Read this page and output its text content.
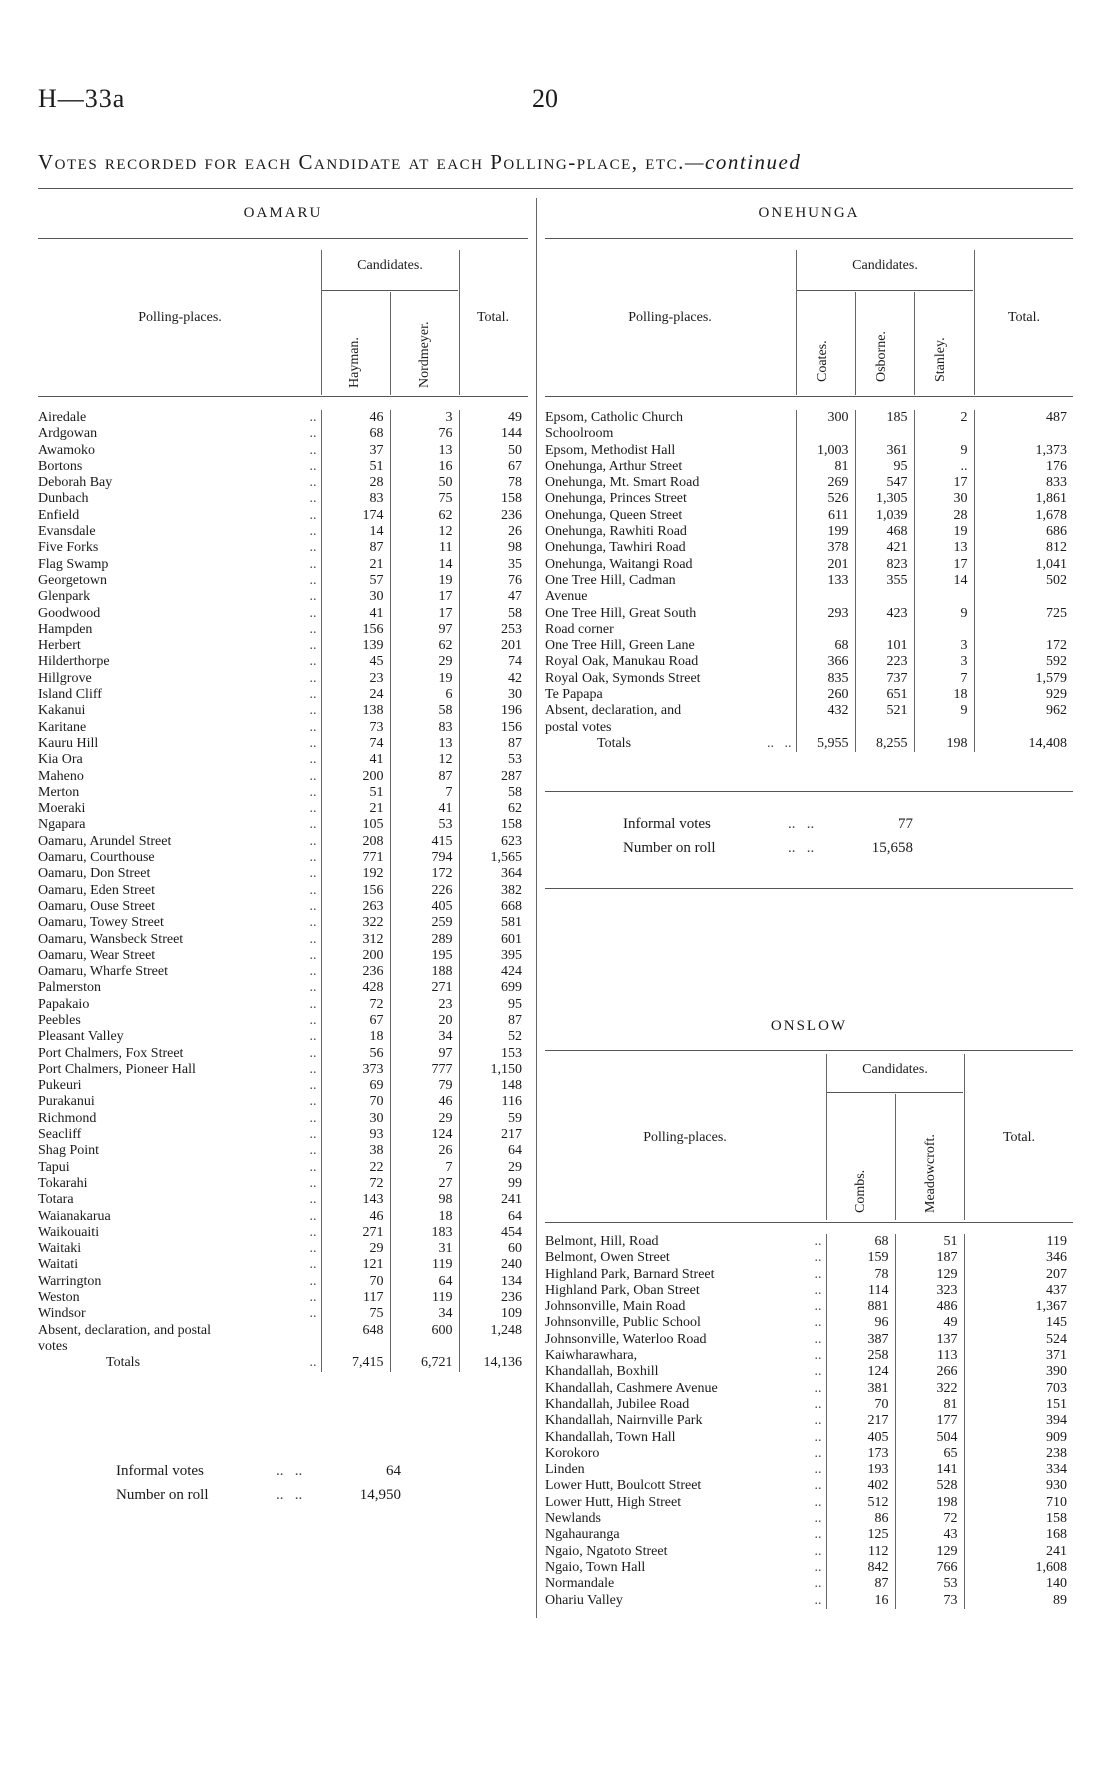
H—33a	20
Votes recorded for each Candidate at each Polling-place, etc.—continued
OAMARU
Polling-places.
Candidates.
Total.
Hayman.	Nordmeyer.
..
Airedale	46	3	49

..
Ardgowan	68	76	144

..
Awamoko	37	13	50

..
Bortons	51	16	67

..
Deborah Bay	28	50	78

..
Dunbach	83	75	158

..
Enfield	174	62	236

..
Evansdale	14	12	26

..
Five Forks	87	11	98

..
Flag Swamp	21	14	35

..
Georgetown	57	19	76

..
Glenpark	30	17	47

..
Goodwood	41	17	58

..
Hampden	156	97	253

..
Herbert	139	62	201

..
Hilderthorpe	45	29	74

..
Hillgrove	23	19	42

..
Island Cliff	24	6	30

..
Kakanui	138	58	196

..
Karitane	73	83	156

..
Kauru Hill	74	13	87

..
Kia Ora	41	12	53

..
Maheno	200	87	287

..
Merton	51	7	58

..
Moeraki	21	41	62

..
Ngapara	105	53	158

..
Oamaru, Arundel Street	208	415	623

..
Oamaru, Courthouse	771	794	1,565

..
Oamaru, Don Street	192	172	364

..
Oamaru, Eden Street	156	226	382

..
Oamaru, Ouse Street	263	405	668

..
Oamaru, Towey Street	322	259	581

..
Oamaru, Wansbeck Street	312	289	601

..
Oamaru, Wear Street	200	195	395

..
Oamaru, Wharfe Street	236	188	424

..
Palmerston	428	271	699

..
Papakaio	72	23	95

..
Peebles	67	20	87

..
Pleasant Valley	18	34	52

..
Port Chalmers, Fox Street	56	97	153

..
Port Chalmers, Pioneer Hall	373	777	1,150

..
Pukeuri	69	79	148

..
Purakanui	70	46	116

..
Richmond	30	29	59

..
Seacliff	93	124	217

..
Shag Point	38	26	64

..
Tapui	22	7	29

..
Tokarahi	72	27	99

..
Totara	143	98	241

..
Waianakarua	46	18	64

..
Waikouaiti	271	183	454

..
Waitaki	29	31	60

..
Waitati	121	119	240

..
Warrington	70	64	134

..
Weston	117	119	236

..
Windsor	75	34	109
Absent, declaration, and postal	648	600	1,248
votes			

..
Totals	7,415	6,721	14,136
Informal votes	..   ..	64
Number on roll	..   ..	14,950
ONEHUNGA
Polling-places.
Candidates.
Total.
Coates.	Osborne.	Stanley.
Epsom, Catholic Church	300	185	2	487
Schoolroom				
Epsom, Methodist Hall	1,003	361	9	1,373
Onehunga, Arthur Street	81	95	..	176
Onehunga, Mt. Smart Road	269	547	17	833
Onehunga, Princes Street	526	1,305	30	1,861
Onehunga, Queen Street	611	1,039	28	1,678
Onehunga, Rawhiti Road	199	468	19	686
Onehunga, Tawhiri Road	378	421	13	812
Onehunga, Waitangi Road	201	823	17	1,041
One Tree Hill, Cadman	133	355	14	502
Avenue				
One Tree Hill, Great South	293	423	9	725
Road corner				
One Tree Hill, Green Lane	68	101	3	172
Royal Oak, Manukau Road	366	223	3	592
Royal Oak, Symonds Street	835	737	7	1,579
Te Papapa	260	651	18	929
Absent, declaration, and	432	521	9	962
postal votes				

..   ..
Totals	5,955	8,255	198	14,408
Informal votes	..   ..	77
Number on roll	..   ..	15,658
ONSLOW
Polling-places.
Candidates.
Total.
Combs.	Meadowcroft.
..
Belmont, Hill, Road	68	51	119

..
Belmont, Owen Street	159	187	346

..
Highland Park, Barnard Street	78	129	207

..
Highland Park, Oban Street	114	323	437

..
Johnsonville, Main Road	881	486	1,367

..
Johnsonville, Public School	96	49	145

..
Johnsonville, Waterloo Road	387	137	524

..
Kaiwharawhara,	258	113	371

..
Khandallah, Boxhill	124	266	390

..
Khandallah, Cashmere Avenue	381	322	703

..
Khandallah, Jubilee Road	70	81	151

..
Khandallah, Nairnville Park	217	177	394

..
Khandallah, Town Hall	405	504	909

..
Korokoro	173	65	238

..
Linden	193	141	334

..
Lower Hutt, Boulcott Street	402	528	930

..
Lower Hutt, High Street	512	198	710

..
Newlands	86	72	158

..
Ngahauranga	125	43	168

..
Ngaio, Ngatoto Street	112	129	241

..
Ngaio, Town Hall	842	766	1,608

..
Normandale	87	53	140

..
Ohariu Valley	16	73	89
